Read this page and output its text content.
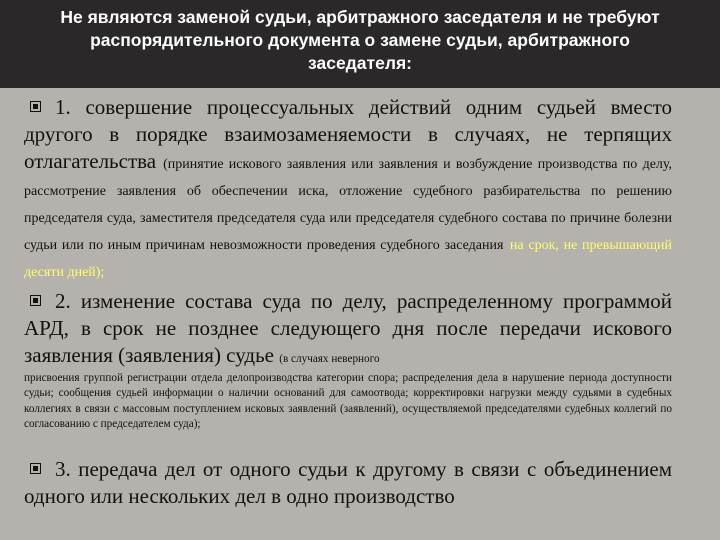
Не являются заменой судьи, арбитражного заседателя и не требуют распорядительного документа о замене судьи, арбитражного заседателя:
1. совершение процессуальных действий одним судьей вместо другого в порядке взаимозаменяемости в случаях, не терпящих отлагательства (принятие искового заявления или заявления и возбуждение производства по делу, рассмотрение заявления об обеспечении иска, отложение судебного разбирательства по решению председателя суда, заместителя председателя суда или председателя судебного состава по причине болезни судьи или по иным причинам невозможности проведения судебного заседания на срок, не превышающий десяти дней);
2. изменение состава суда по делу, распределенному программой АРД, в срок не позднее следующего дня после передачи искового заявления (заявления) судье (в случаях неверного
присвоения группой регистрации отдела делопроизводства категории спора; распределения дела в нарушение периода доступности судьи; сообщения судьей информации о наличии оснований для самоотвода; корректировки нагрузки между судьями в судебных коллегиях в связи с массовым поступлением исковых заявлений (заявлений), осуществляемой председателями судебных коллегий по согласованию с председателем суда);
3. передача дел от одного судьи к другому в связи с объединением одного или нескольких дел в одно производство
